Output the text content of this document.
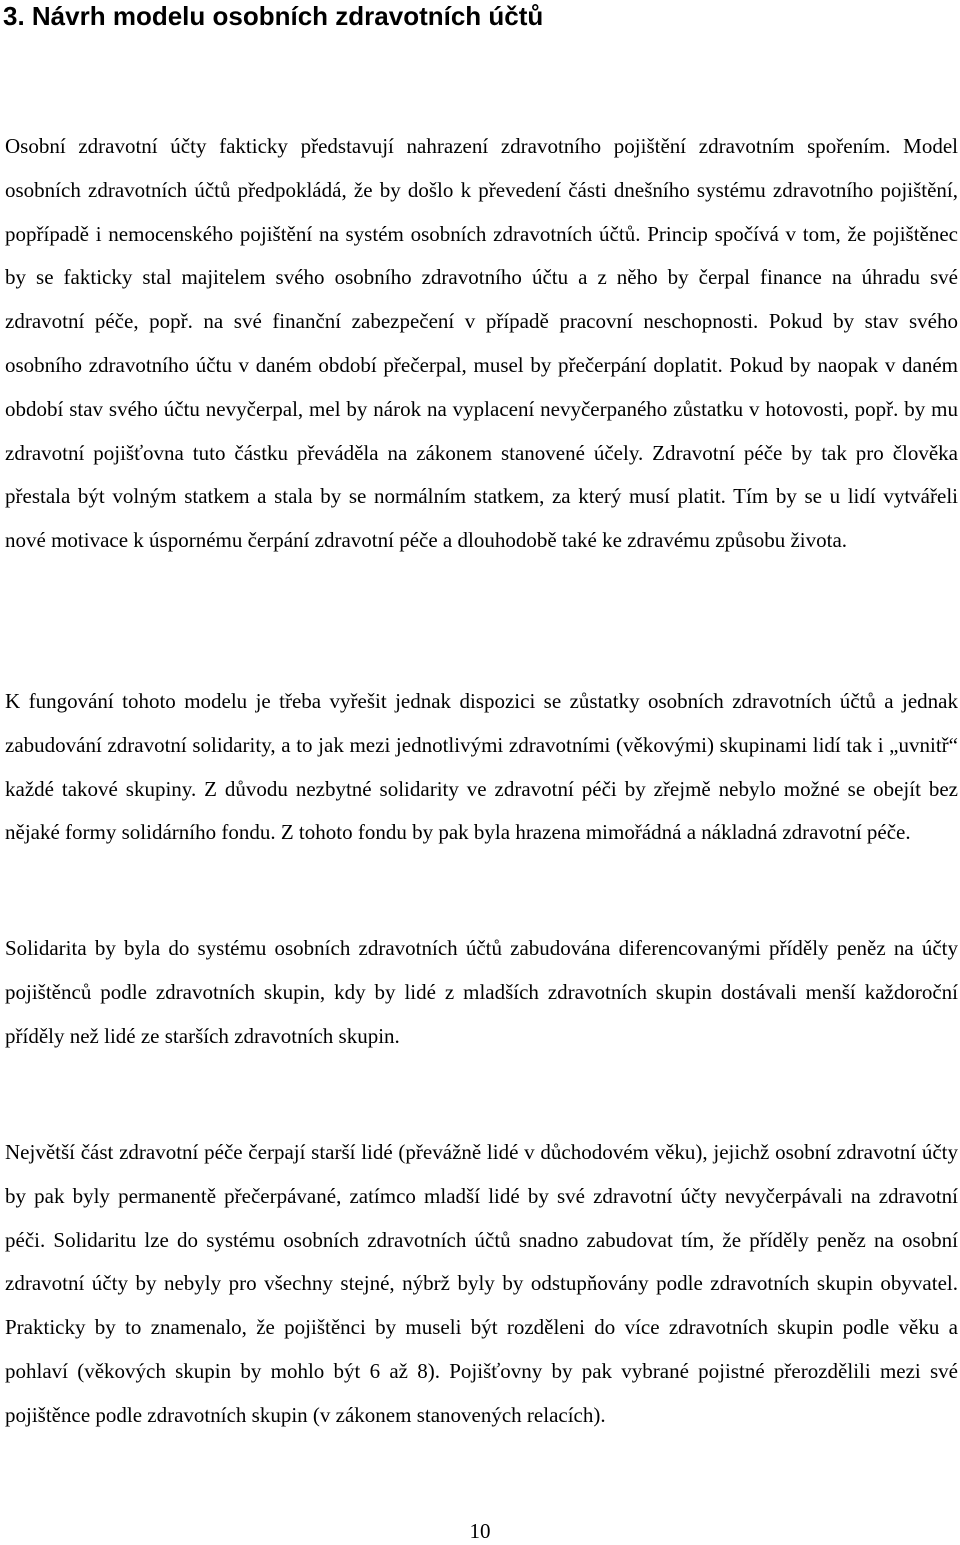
3. Návrh modelu osobních zdravotních účtů

Osobní zdravotní účty fakticky představují nahrazení zdravotního pojištění zdravotním spořením. Model osobních zdravotních účtů předpokládá, že by došlo k převedení části dnešního systému zdravotního pojištění, popřípadě i nemocenského pojištění na systém osobních zdravotních účtů. Princip spočívá v tom, že pojištěnec by se fakticky stal majitelem svého osobního zdravotního účtu a z něho by čerpal finance na úhradu své zdravotní péče, popř. na své finanční zabezpečení v případě pracovní neschopnosti. Pokud by stav svého osobního zdravotního účtu v daném období přečerpal, musel by přečerpání doplatit. Pokud by naopak v daném období stav svého účtu nevyčerpal, mel by nárok na vyplacení nevyčerpaného zůstatku v hotovosti, popř. by mu zdravotní pojišťovna tuto částku převáděla na zákonem stanovené účely. Zdravotní péče by tak pro člověka přestala být volným statkem a stala by se normálním statkem, za který musí platit. Tím by se u lidí vytvářeli nové motivace k úspornému čerpání zdravotní péče a dlouhodobě také ke zdravému způsobu života.

K fungování tohoto modelu je třeba vyřešit jednak dispozici se zůstatky osobních zdravotních účtů a jednak zabudování zdravotní solidarity, a to jak mezi jednotlivými zdravotními (věkovými) skupinami lidí tak i „uvnitř“ každé takové skupiny. Z důvodu nezbytné solidarity ve zdravotní péči by zřejmě nebylo možné se obejít bez nějaké formy solidárního fondu. Z tohoto fondu by pak byla hrazena mimořádná a nákladná zdravotní péče.

Solidarita by byla do systému osobních zdravotních účtů zabudována diferencovanými příděly peněz na účty pojištěnců podle zdravotních skupin, kdy by lidé z mladších zdravotních skupin dostávali menší každoroční příděly než lidé ze starších zdravotních skupin.

Největší část zdravotní péče čerpají starší lidé (převážně lidé v důchodovém věku), jejichž osobní zdravotní účty by pak byly permanentě přečerpávané, zatímco mladší lidé by své zdravotní účty nevyčerpávali na zdravotní péči. Solidaritu lze do systému osobních zdravotních účtů snadno zabudovat tím, že příděly peněz na osobní zdravotní účty by nebyly pro všechny stejné, nýbrž byly by odstupňovány podle zdravotních skupin obyvatel. Prakticky by to znamenalo, že pojištěnci by museli být rozděleni do více zdravotních skupin podle věku a pohlaví (věkových skupin by mohlo být 6 až 8). Pojišťovny by pak vybrané pojistné přerozdělili mezi své pojištěnce podle zdravotních skupin (v zákonem stanovených relacích).

10
